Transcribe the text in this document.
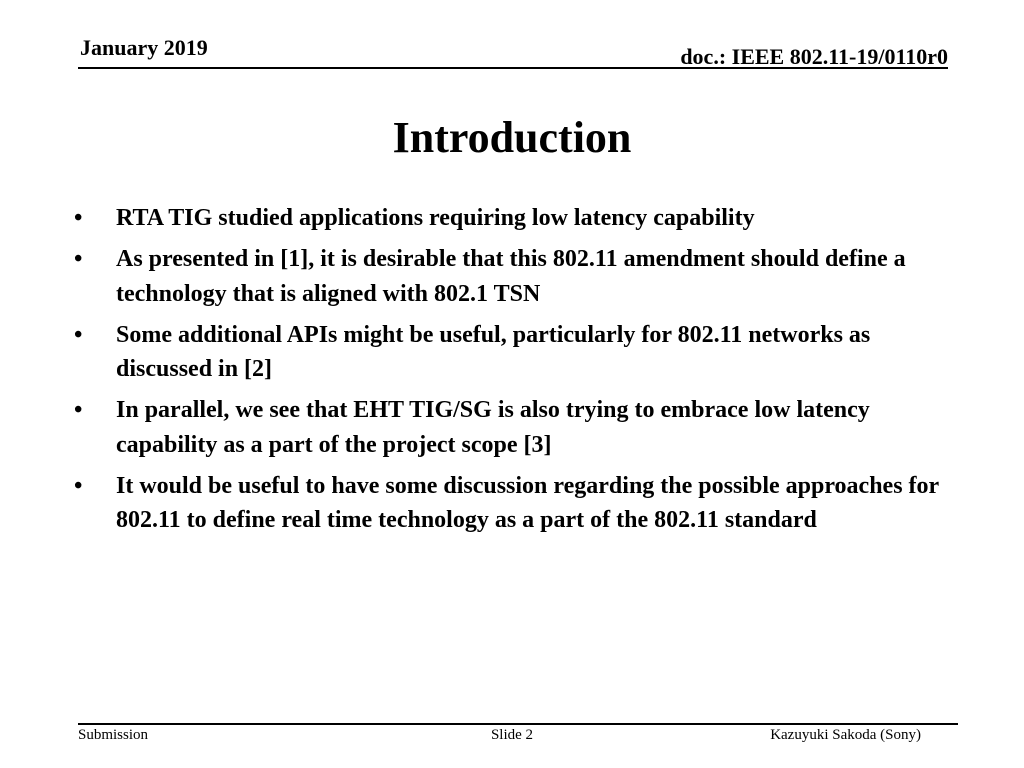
January 2019	doc.: IEEE 802.11-19/0110r0
Introduction
• RTA TIG studied applications requiring low latency capability
• As presented in [1], it is desirable that this 802.11 amendment should define a technology that is aligned with 802.1 TSN
• Some additional APIs might be useful, particularly for 802.11 networks as discussed in [2]
• In parallel, we see that EHT TIG/SG is also trying to embrace low latency capability as a part of the project scope [3]
• It would be useful to have some discussion regarding the possible approaches for 802.11 to define real time technology as a part of the 802.11 standard
Submission	Slide 2	Kazuyuki Sakoda (Sony)
